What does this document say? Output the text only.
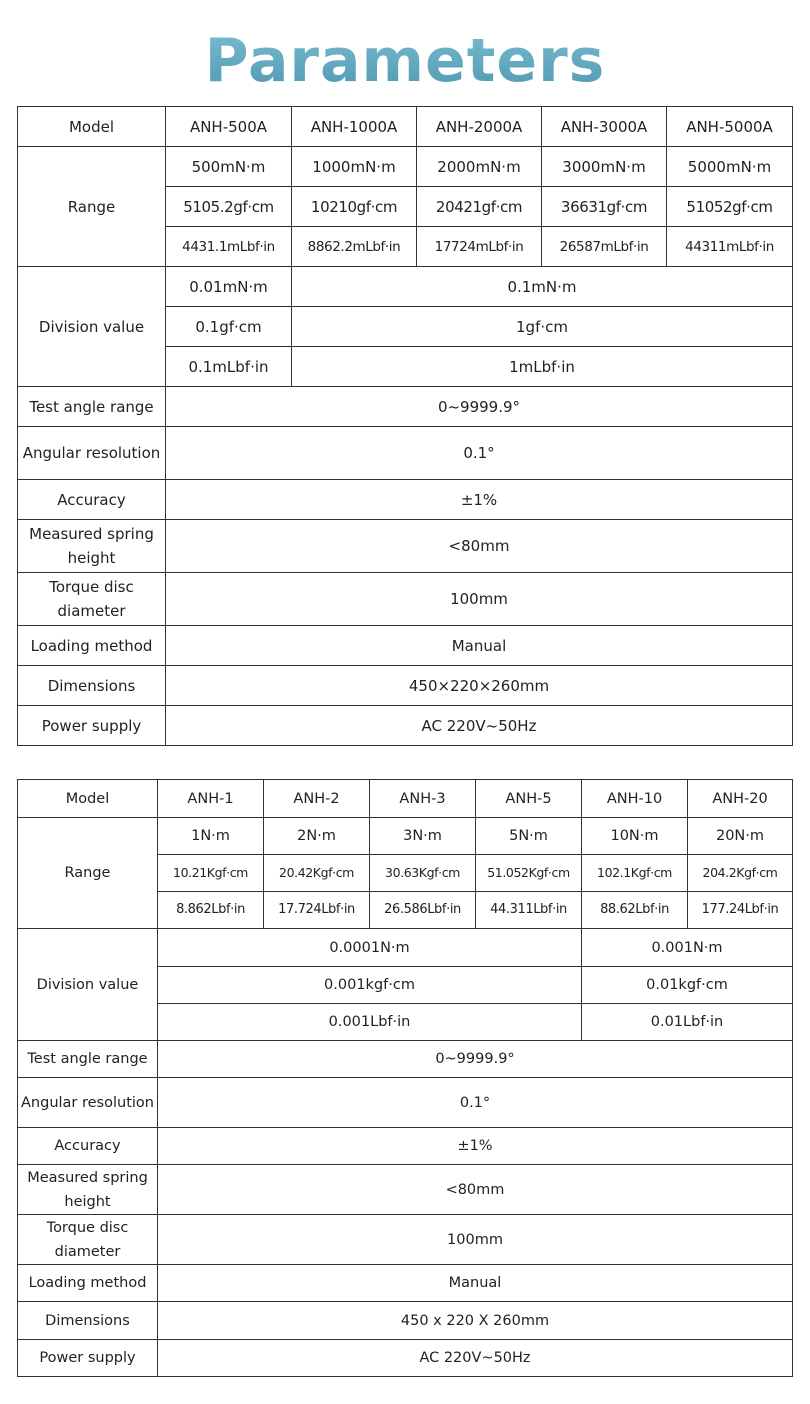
Parameters
Model	ANH-500A	ANH-1000A	ANH-2000A	ANH-3000A	ANH-5000A
Range	500mN·m	1000mN·m	2000mN·m	3000mN·m	5000mN·m
	5105.2gf·cm	10210gf·cm	20421gf·cm	36631gf·cm	51052gf·cm
	4431.1mLbf·in	8862.2mLbf·in	17724mLbf·in	26587mLbf·in	44311mLbf·in
Division value	0.01mN·m	0.1mN·m			
	0.1gf·cm	1gf·cm			
	0.1mLbf·in	1mLbf·in			
Test angle range	0~9999.9°				
Angular resolution	0.1°				
Accuracy	±1%				
Measured spring height	<80mm				
Torque disc diameter	100mm				
Loading method	Manual				
Dimensions	450×220×260mm				
Power supply	AC 220V~50Hz				
Model	ANH-1	ANH-2	ANH-3	ANH-5	ANH-10	ANH-20
Range	1N·m	2N·m	3N·m	5N·m	10N·m	20N·m
	10.21Kgf·cm	20.42Kgf·cm	30.63Kgf·cm	51.052Kgf·cm	102.1Kgf·cm	204.2Kgf·cm
	8.862Lbf·in	17.724Lbf·in	26.586Lbf·in	44.311Lbf·in	88.62Lbf·in	177.24Lbf·in
Division value	0.0001N·m				0.001N·m	
	0.001kgf·cm				0.01kgf·cm	
	0.001Lbf·in				0.01Lbf·in	
Test angle range	0~9999.9°					
Angular resolution	0.1°					
Accuracy	±1%					
Measured spring height	<80mm					
Torque disc diameter	100mm					
Loading method	Manual					
Dimensions	450 x 220 X 260mm					
Power supply	AC 220V~50Hz					
